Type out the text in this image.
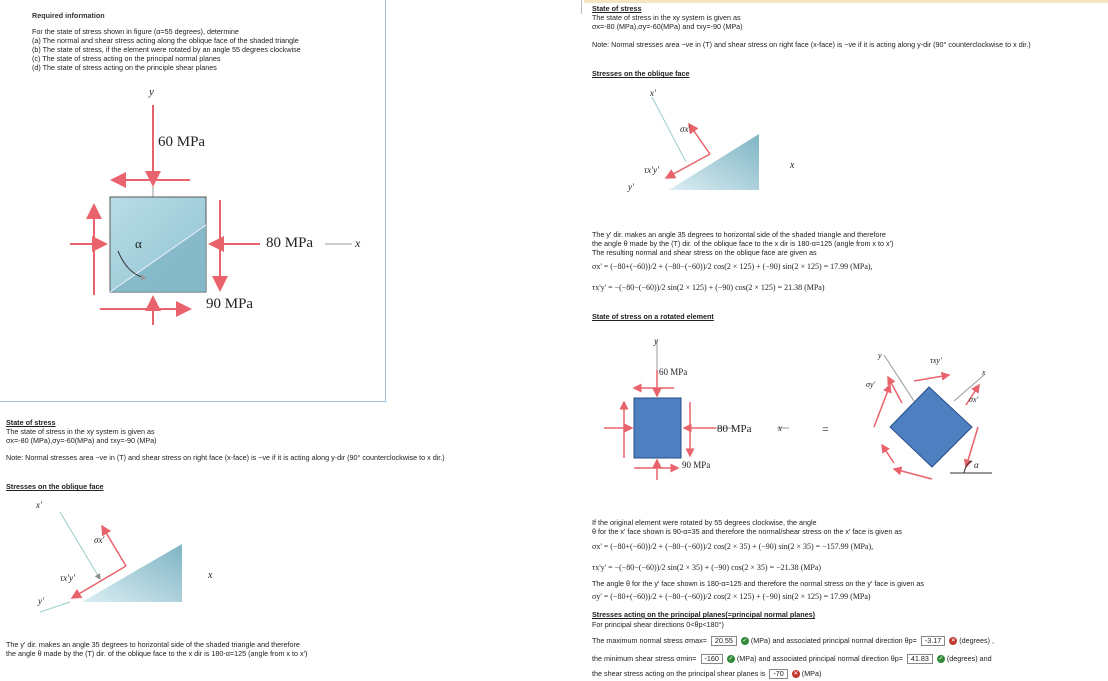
Required information
For the state of stress shown in figure (α=55 degrees), determine
(a) The normal and shear stress acting along the oblique face of the shaded triangle
(b) The state of stress, if the element were rotated by an angle 55 degrees clockwise
(c) The state of stress acting on the principal normal planes
(d) The state of stress acting on the principle shear planes
y
60 MPa
80 MPa	x
90 MPa
α
State of stress
The state of stress in the xy system is given as
σx=-80 (MPa),σy=-60(MPa) and τxy=-90 (MPa)
Note: Normal stresses area −ve in (T) and shear stress on right face (x-face) is −ve if it is acting along y-dir (90° counterclockwise to x dir.)
Stresses on the oblique face
x'
σx'
τx'y'
y'
x
The y' dir. makes an angle 35 degrees to horizontal side of the shaded triangle and therefore
the angle θ made by the (T) dir. of the oblique face to the x dir is 180-α=125 (angle from x to x')
State of stress
The state of stress in the xy system is given as
σx=-80 (MPa),σy=-60(MPa) and τxy=-90 (MPa)
Note: Normal stresses area −ve in (T) and shear stress on right face (x-face) is −ve if it is acting along y-dir (90° counterclockwise to x dir.)
Stresses on the oblique face
x'
σx'
τx'y'
y'
x
The y' dir. makes an angle 35 degrees to horizontal side of the shaded triangle and therefore
the angle θ made by the (T) dir. of the oblique face to the x dir is 180-α=125 (angle from x to x')
The resulting normal and shear stress on the oblique face are given as
σx' = (−80+(−60))/2 + (−80−(−60))/2 cos(2 × 125) + (−90) sin(2 × 125) = 17.99 (MPa),
τx'y' = −(−80−(−60))/2 sin(2 × 125) + (−90) cos(2 × 125) = 21.38 (MPa)
State of stress on a rotated element
y
60 MPa
80 MPa	x
90 MPa
=
y
x
σy'
τxy'
σx'
α
If the original element were rotated by 55 degrees clockwise, the angle
θ for the x' face shown is 90-α=35 and therefore the normal/shear stress on the x' face is given as
σx' = (−80+(−60))/2 + (−80−(−60))/2 cos(2 × 35) + (−90) sin(2 × 35) = −157.99 (MPa),
τx'y' = −(−80−(−60))/2 sin(2 × 35) + (−90) cos(2 × 35) = −21.38 (MPa)
The angle θ for the y' face shown is 180-α=125 and therefore the normal stress on the y' face is given as
σy' = (−80+(−60))/2 + (−80−(−60))/2 cos(2 × 125) + (−90) sin(2 × 125) = 17.99 (MPa)
Stresses acting on the principal planes(=principal normal planes)
For principal shear directions 0<θp<180°)
The maximum normal stress σmax= 20.55 ✓ (MPa) and associated principal normal direction θp= -3.17 ✕ (degrees) ,
the minimum shear stress σmin= -160 ✓ (MPa) and associated principal normal direction θp= 41.83 ✓ (degrees) and
the shear stress acting on the principal shear planes is -70 ✕ (MPa)
